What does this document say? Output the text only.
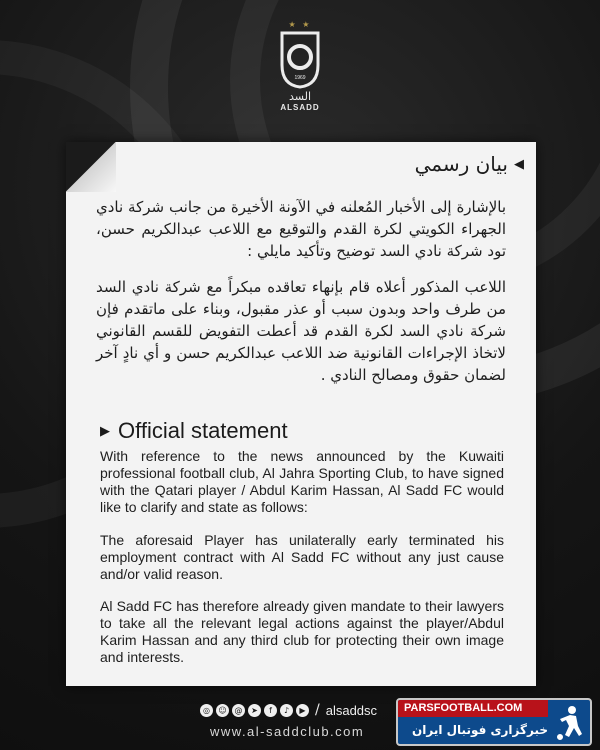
★ ★
1969
السد
ALSADD
◀
بيان رسمي
بالإشارة إلى الأخبار المُعلنه في الآونة الأخيرة من جانب شركة نادي الجهراء الكويتي لكرة القدم والتوقيع مع اللاعب عبدالكريم حسن، تود شركة نادي السد توضيح وتأكيد مايلي :
اللاعب المذكور أعلاه قام بإنهاء تعاقده مبكراً مع شركة نادي السد من طرف واحد وبدون سبب أو عذر مقبول، وبناء على ماتقدم فإن شركة نادي السد لكرة القدم قد أعطت التفويض للقسم القانوني لاتخاذ الإجراءات القانونية ضد اللاعب عبدالكريم حسن و أي نادٍ آخر لضمان حقوق ومصالح النادي .
▶ Official statement
With reference to the news announced by the Kuwaiti professional football club, Al Jahra Sporting Club, to have signed with the Qatari player / Abdul Karim Hassan, Al Sadd FC would like to clarify and state as follows:
The aforesaid Player has unilaterally early terminated his employment contract with Al Sadd FC without any just cause and/or valid reason.
Al Sadd FC has therefore already given mandate to their lawyers to take all the relevant legal actions against the player/Abdul Karim Hassan and any third club for protecting their own image and interests.
◎	☺ @	➤	f	♪	▶ / alsaddsc
www.al-saddclub.com
PARSFOOTBALL.COM
خبرگزاری فوتبال ایران
